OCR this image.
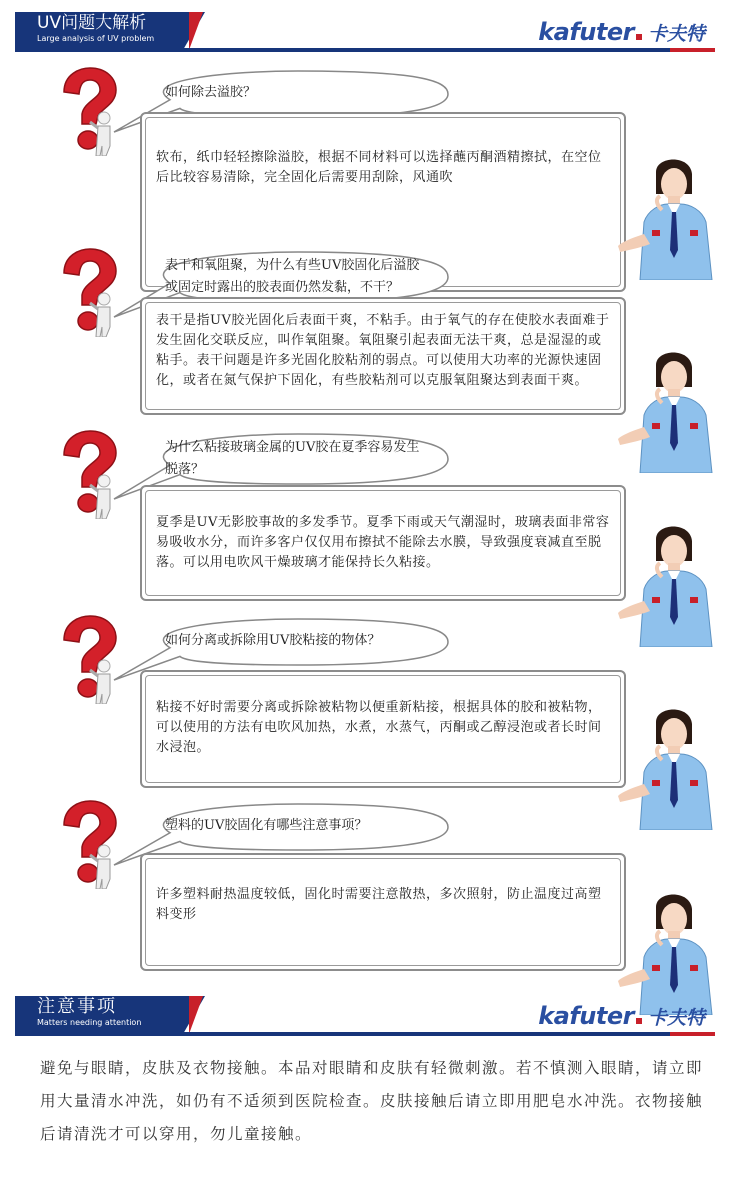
UV问题大解析
Large analysis of UV problem	kafuter 卡夫特
如何除去溢胶？
软布，纸巾轻轻擦除溢胶，根据不同材料可以选择蘸丙酮酒精擦拭，在空位后比较容易清除，完全固化后需要用刮除，风通吹
表干和氧阻聚，为什么有些UV胶固化后溢胶或固定时露出的胶表面仍然发黏，不干？
表干是指UV胶光固化后表面干爽，不粘手。由于氧气的存在使胶水表面难于发生固化交联反应，叫作氧阻聚。氧阻聚引起表面无法干爽，总是湿湿的或粘手。表干问题是许多光固化胶粘剂的弱点。可以使用大功率的光源快速固化，或者在氮气保护下固化，有些胶粘剂可以克服氧阻聚达到表面干爽。
为什么粘接玻璃金属的UV胶在夏季容易发生脱落？
夏季是UV无影胶事故的多发季节。夏季下雨或天气潮湿时，玻璃表面非常容易吸收水分，而许多客户仅仅用布擦拭不能除去水膜，导致强度衰减直至脱落。可以用电吹风干燥玻璃才能保持长久粘接。
如何分离或拆除用UV胶粘接的物体？
粘接不好时需要分离或拆除被粘物以便重新粘接，根据具体的胶和被粘物，可以使用的方法有电吹风加热，水煮，水蒸气，丙酮或乙醇浸泡或者长时间水浸泡。
塑料的UV胶固化有哪些注意事项？
许多塑料耐热温度较低，固化时需要注意散热，多次照射，防止温度过高塑料变形
注意事项
Matters needing attention	kafuter 卡夫特
避免与眼睛，皮肤及衣物接触。本品对眼睛和皮肤有轻微刺激。若不慎测入眼睛，请立即用大量清水冲洗，如仍有不适须到医院检查。皮肤接触后请立即用肥皂水冲洗。衣物接触后请清洗才可以穿用，勿儿童接触。
